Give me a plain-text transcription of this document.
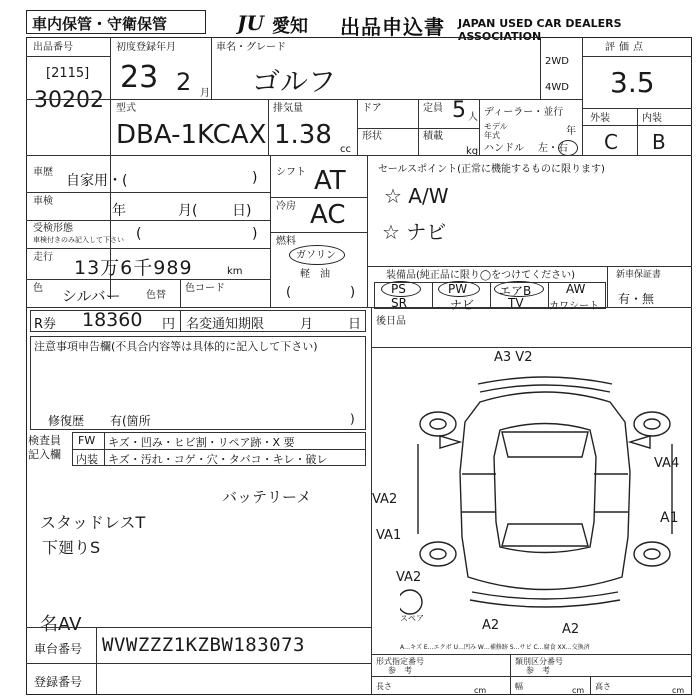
車内保管・守衛保管	JU 愛知 出品申込書 JAPAN USED CAR DEALERS ASSOCIATION
出品番号
[2115]
30202
初度登録年月
23 2 月
車名・グレード
ゴルフ
2WD
4WD
評価点
3.5
外装	内装
C B
型式
DBA-1KCAX
排気量
1.38 cc
ドア	定員 5 人
形状	積載
kg
ディーラー・並行
モデル
年式	年
ハンドル 左・右
車歴
自家用・(	)
車検
年	月( 日)
受検形態
車検付きのみ記入して下さい (	)
走行 13万6千989	km
色 シルバー	色替
色コード
シフト AT
冷房 AC
燃料
ガソリン
軽　油
(	)
セールスポイント(正常に機能するものに限ります)
☆ A/W
☆ ナビ
装備品(純正品に限り◯をつけてください)	新車保証書
有・無
PS	PW	エアB	AW
SR	ナビ	TV	カワシート
R券 18360 円 名変通知期限	月	日 後日品
注意事項申告欄(不具合内容等は具体的に記入して下さい)
修復歴 有(箇所	)
検査員
記入欄
FW キズ・凹み・ヒビ割・リペア跡・X 要
内装 キズ・汚れ・コゲ・穴・タバコ・キレ・破レ
バッテリーメ
スタッドレスT
下廻りS
名AV
A3 V2
VA4
A1
VA2
VA1
VA2
A2	A2
スペア
A…キズ E…エクボ U…凹み W…補修跡 S…サビ C…腐食 XX…交換済
車台番号 WVWZZZ1KZBW183073
登録番号
形式指定番号
参　考
類別区分番号
参　考
長さ	cm	幅	cm 高さ	cm
